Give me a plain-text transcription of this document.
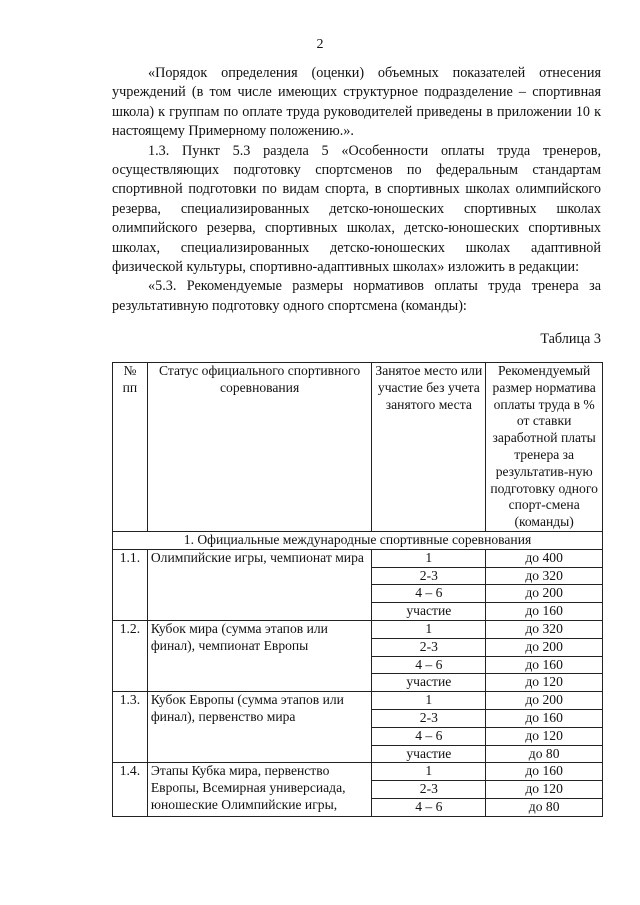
2

«Порядок определения (оценки) объемных показателей отнесения учреждений (в том числе имеющих структурное подразделение – спортивная школа) к группам по оплате труда руководителей приведены в приложении 10 к настоящему Примерному положению.».

1.3. Пункт 5.3 раздела 5 «Особенности оплаты труда тренеров, осуществляющих подготовку спортсменов по федеральным стандартам спортивной подготовки по видам спорта, в спортивных школах олимпийского резерва, специализированных детско-юношеских спортивных школах олимпийского резерва, спортивных школах, детско-юношеских спортивных школах, специализированных детско-юношеских школах адаптивной физической культуры, спортивно-адаптивных школах» изложить в редакции:

«5.3. Рекомендуемые размеры нормативов оплаты труда тренера за результативную подготовку одного спортсмена (команды):

Таблица 3
№ пп	Статус официального спортивного соревнования	Занятое место или участие без учета занятого места	Рекомендуемый размер норматива оплаты труда в % от ставки заработной платы тренера за результатив-ную подготовку одного спорт-смена (команды)
1. Официальные международные спортивные соревнования			
1.1.	Олимпийские игры, чемпионат мира	1	до 400
		2-3	до 320
		4 – 6	до 200
		участие	до 160
1.2.	Кубок мира (сумма этапов или финал), чемпионат Европы	1	до 320
		2-3	до 200
		4 – 6	до 160
		участие	до 120
1.3.	Кубок Европы (сумма этапов или финал), первенство мира	1	до 200
		2-3	до 160
		4 – 6	до 120
		участие	до 80
1.4.	Этапы Кубка мира, первенство Европы, Всемирная универсиада, юношеские Олимпийские игры,	1	до 160
		2-3	до 120
		4 – 6	до 80
